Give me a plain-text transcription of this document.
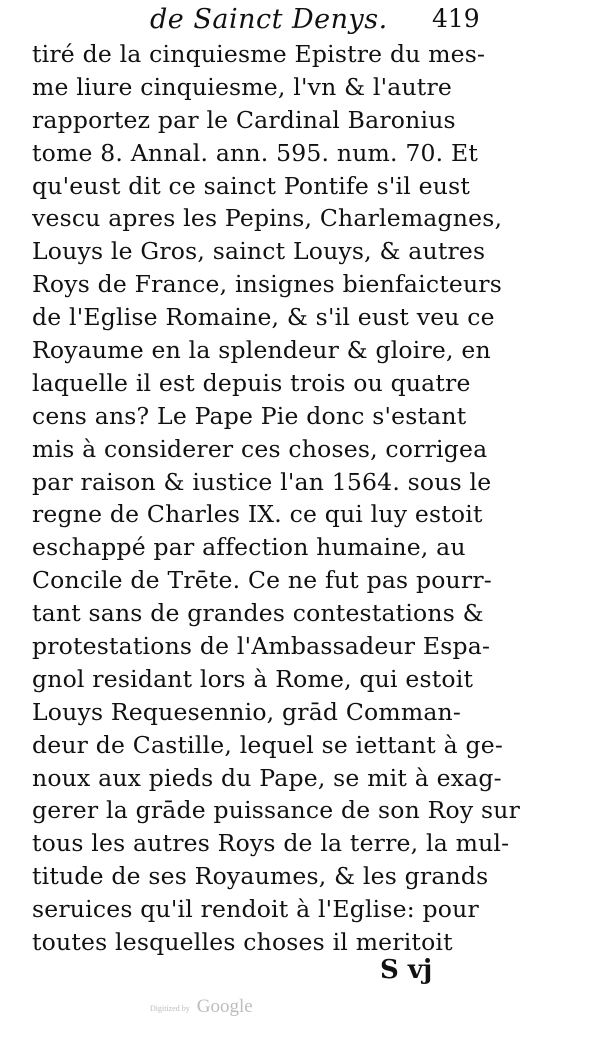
de Sainct Denys. 419
tiré de la cinquiesme Epistre du mes-
me liure cinquiesme, l'vn & l'autre
rapportez par le Cardinal Baronius
tome 8. Annal. ann. 595. num. 70. Et
qu'eust dit ce sainct Pontife s'il eust
vescu apres les Pepins, Charlemagnes,
Louys le Gros, sainct Louys, & autres
Roys de France, insignes bienfaicteurs
de l'Eglise Romaine, & s'il eust veu ce
Royaume en la splendeur & gloire, en
laquelle il est depuis trois ou quatre
cens ans? Le Pape Pie donc s'estant
mis à considerer ces choses, corrigea
par raison & iustice l'an 1564. sous le
regne de Charles IX. ce qui luy estoit
eschappé par affection humaine, au
Concile de Trēte. Ce ne fut pas pourr-
tant sans de grandes contestations &
protestations de l'Ambassadeur Espa-
gnol residant lors à Rome, qui estoit
Louys Requesennio, grād Comman-
deur de Castille, lequel se iettant à ge-
noux aux pieds du Pape, se mit à exag-
gerer la grāde puissance de son Roy sur
tous les autres Roys de la terre, la mul-
titude de ses Royaumes, & les grands
seruices qu'il rendoit à l'Eglise: pour
toutes lesquelles choses il meritoit
S vj
Digitized by Google
